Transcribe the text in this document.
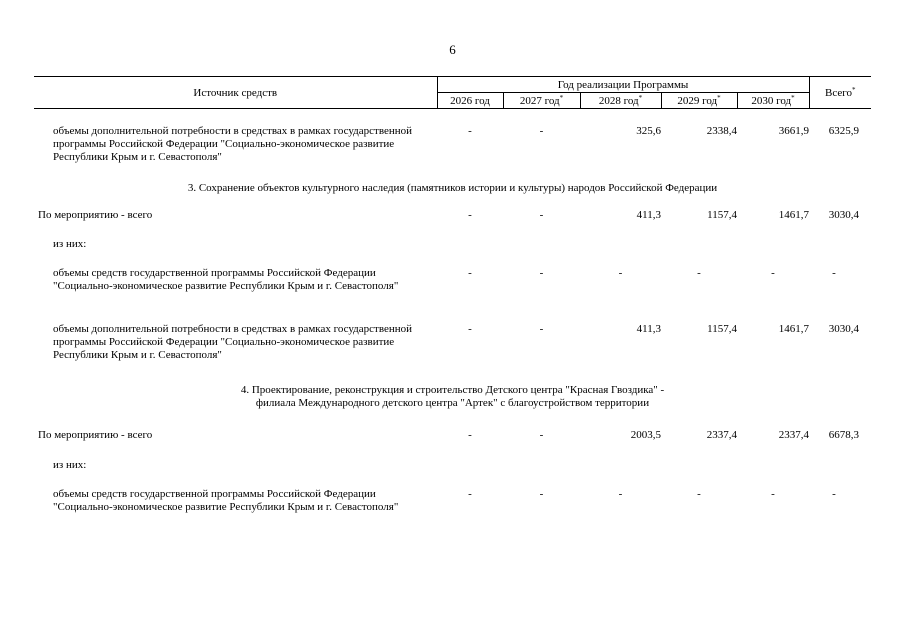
6
Источник средств	Год реализации Программы					Всего*
	2026 год	2027 год*	2028 год*	2029 год*	2030 год*
объемы дополнительной потребности в средствах в рамках государственной программы Российской Федерации "Социально-экономическое развитие Республики Крым и г. Севастополя"
-	-	325,6	2338,4	3661,9	6325,9
3. Сохранение объектов культурного наследия (памятников истории и культуры) народов Российской Федерации
По мероприятию - всего	-	-	411,3	1157,4	1461,7	3030,4
из них:
объемы средств государственной программы Российской Федерации "Социально-экономическое развитие Республики Крым и г. Севастополя"
-	-	-	-	-	-
объемы дополнительной потребности в средствах в рамках государственной программы Российской Федерации "Социально-экономическое развитие Республики Крым и г. Севастополя"
-	-	411,3	1157,4	1461,7	3030,4
4. Проектирование, реконструкция и строительство Детского центра "Красная Гвоздика" -
филиала Международного детского центра "Артек" с благоустройством территории
По мероприятию - всего	-	-	2003,5	2337,4	2337,4	6678,3
из них:
объемы средств государственной программы Российской Федерации "Социально-экономическое развитие Республики Крым и г. Севастополя"
-	-	-	-	-	-
